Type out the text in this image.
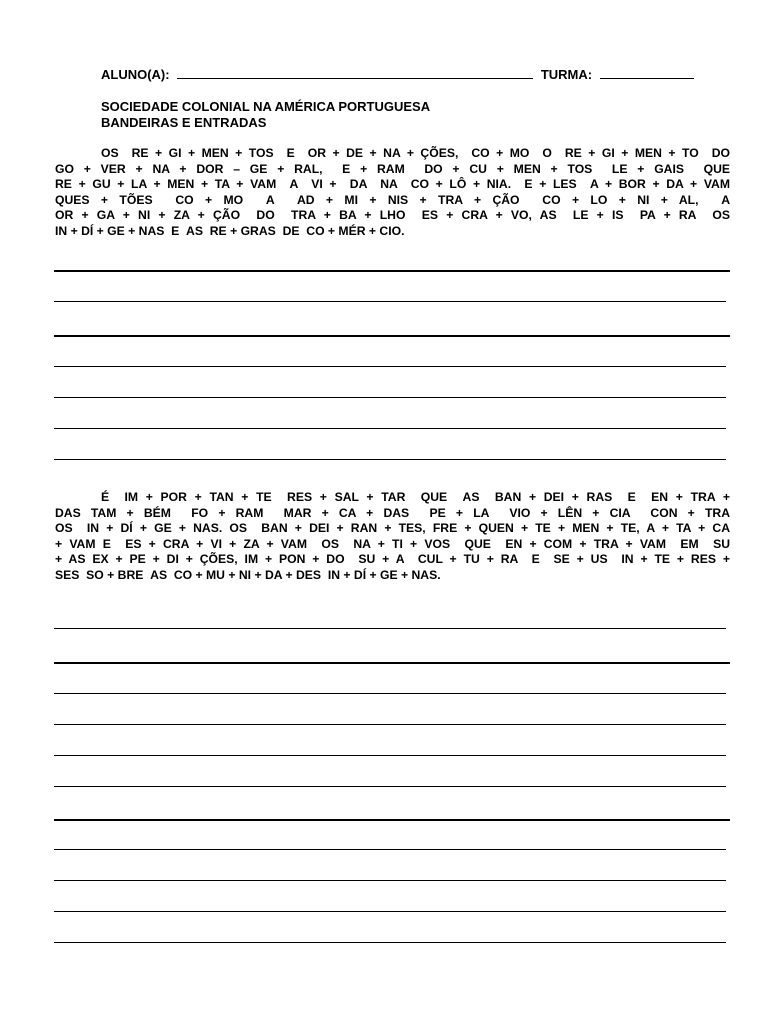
ALUNO(A):	TURMA:
SOCIEDADE COLONIAL NA AMÉRICA PORTUGUESA
BANDEIRAS E ENTRADAS
OS  RE + GI + MEN + TOS  E  OR + DE + NA + ÇÕES,  CO + MO  O  RE + GI + MEN + TO  DO
GO + VER + NA + DOR – GE + RAL,  E + RAM  DO + CU + MEN + TOS  LE + GAIS  QUE
RE + GU + LA + MEN + TA + VAM  A  VI +  DA  NA  CO + LÔ + NIA.  E + LES  A + BOR + DA + VAM
QUES + TÕES  CO + MO  A  AD + MI + NIS + TRA + ÇÃO  CO + LO + NI + AL,  A
OR + GA + NI + ZA + ÇÃO  DO  TRA + BA + LHO  ES + CRA + VO, AS  LE + IS  PA + RA  OS
IN + DÍ + GE + NAS  E  AS  RE + GRAS  DE  CO + MÉR + CIO.
É  IM + POR + TAN + TE  RES + SAL + TAR  QUE  AS  BAN + DEI + RAS  E  EN + TRA +
DAS TAM + BÉM  FO + RAM  MAR + CA + DAS  PE + LA  VIO + LÊN + CIA  CON + TRA
OS  IN + DÍ + GE + NAS. OS  BAN + DEI + RAN + TES, FRE + QUEN + TE + MEN + TE, A + TA + CA
+ VAM E  ES + CRA + VI + ZA + VAM  OS  NA + TI + VOS  QUE  EN + COM + TRA + VAM  EM  SU
+ AS EX + PE + DI + ÇÕES, IM + PON + DO  SU + A  CUL + TU + RA  E  SE + US  IN + TE + RES +
SES  SO + BRE  AS  CO + MU + NI + DA + DES  IN + DÍ + GE + NAS.
